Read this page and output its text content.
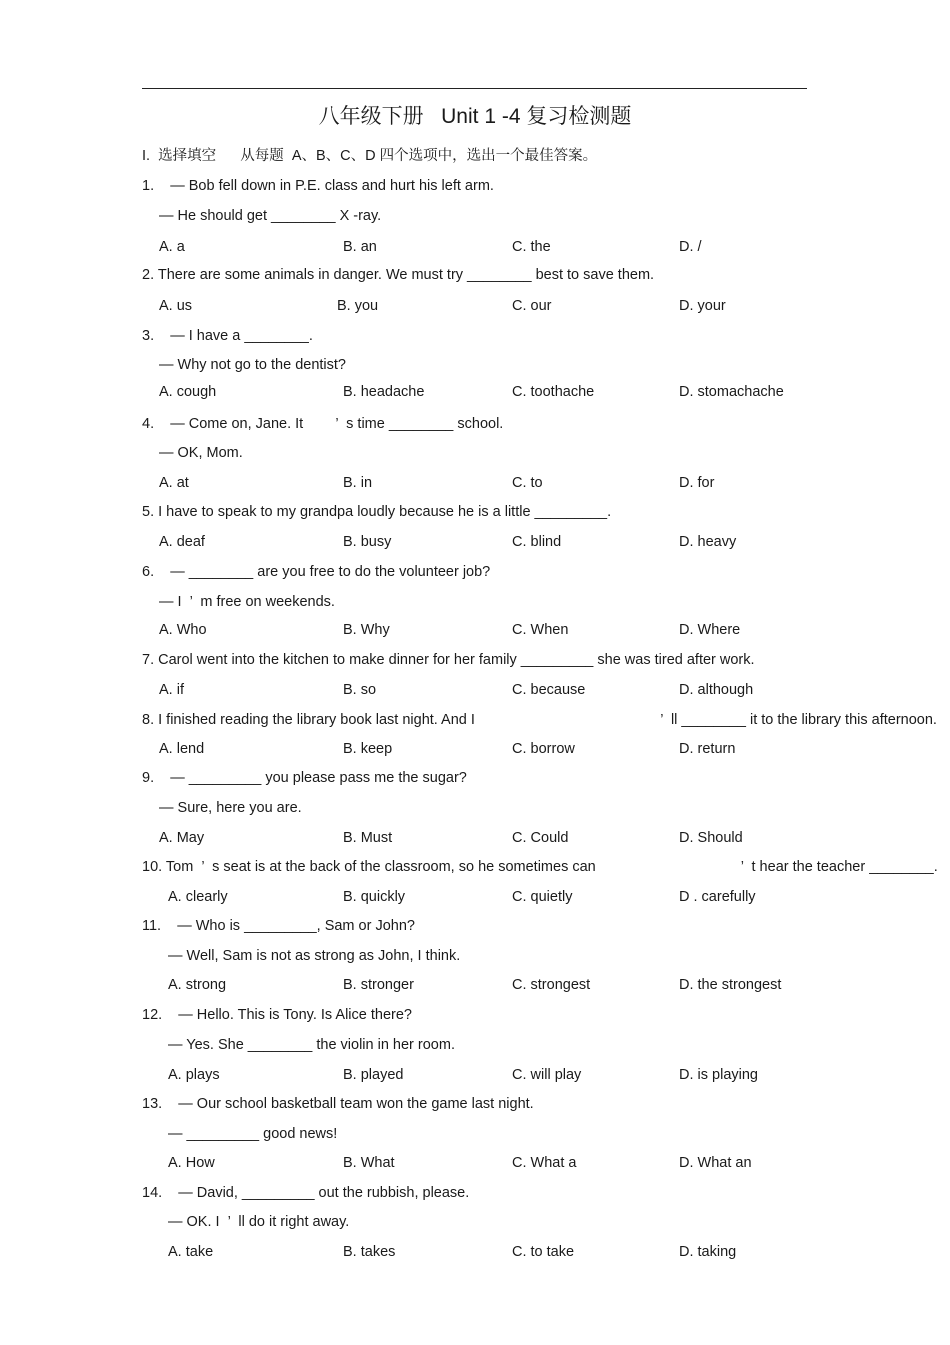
八年级下册   Unit 1 -4 复习检测题
I.  选择填空      从每题  A、B、C、D 四个选项中，选出一个最佳答案。
1.    — Bob fell down in P.E. class and hurt his left arm.
— He should get ________ X -ray.
A. a	B. an	C. the	D. /
2. There are some animals in danger. We must try ________ best to save them.
A. us	B. you	C. our	D. your
3.    — I have a ________.
— Why not go to the dentist?
A. cough	B. headache	C. toothache	D. stomachache
4.    — Come on, Jane. It        ’  s time ________ school.
— OK, Mom.
A. at	B. in	C. to	D. for
5. I have to speak to my grandpa loudly because he is a little _________.
A. deaf	B. busy	C. blind	D. heavy
6.    — ________ are you free to do the volunteer job?
— I  ’  m free on weekends.
A. Who	B. Why	C. When	D. Where
7. Carol went into the kitchen to make dinner for her family _________ she was tired after work.
A. if	B. so	C. because	D. although
8. I finished reading the library book last night. And I                                              ’  ll ________ it to the library this afternoon.
A. lend	B. keep	C. borrow	D. return
9.    — _________ you please pass me the sugar?
— Sure, here you are.
A. May	B. Must	C. Could	D. Should
10. Tom  ’  s seat is at the back of the classroom, so he sometimes can                                    ’  t hear the teacher ________.
A. clearly	B. quickly	C. quietly	D . carefully
11.    — Who is _________, Sam or John?
— Well, Sam is not as strong as John, I think.
A. strong	B. stronger	C. strongest	D. the strongest
12.    — Hello. This is Tony. Is Alice there?
— Yes. She ________ the violin in her room.
A. plays	B. played	C. will play	D. is playing
13.    — Our school basketball team won the game last night.
— _________ good news!
A. How	B. What	C. What a	D. What an
14.    — David, _________ out the rubbish, please.
— OK. I  ’  ll do it right away.
A. take	B. takes	C. to take	D. taking
